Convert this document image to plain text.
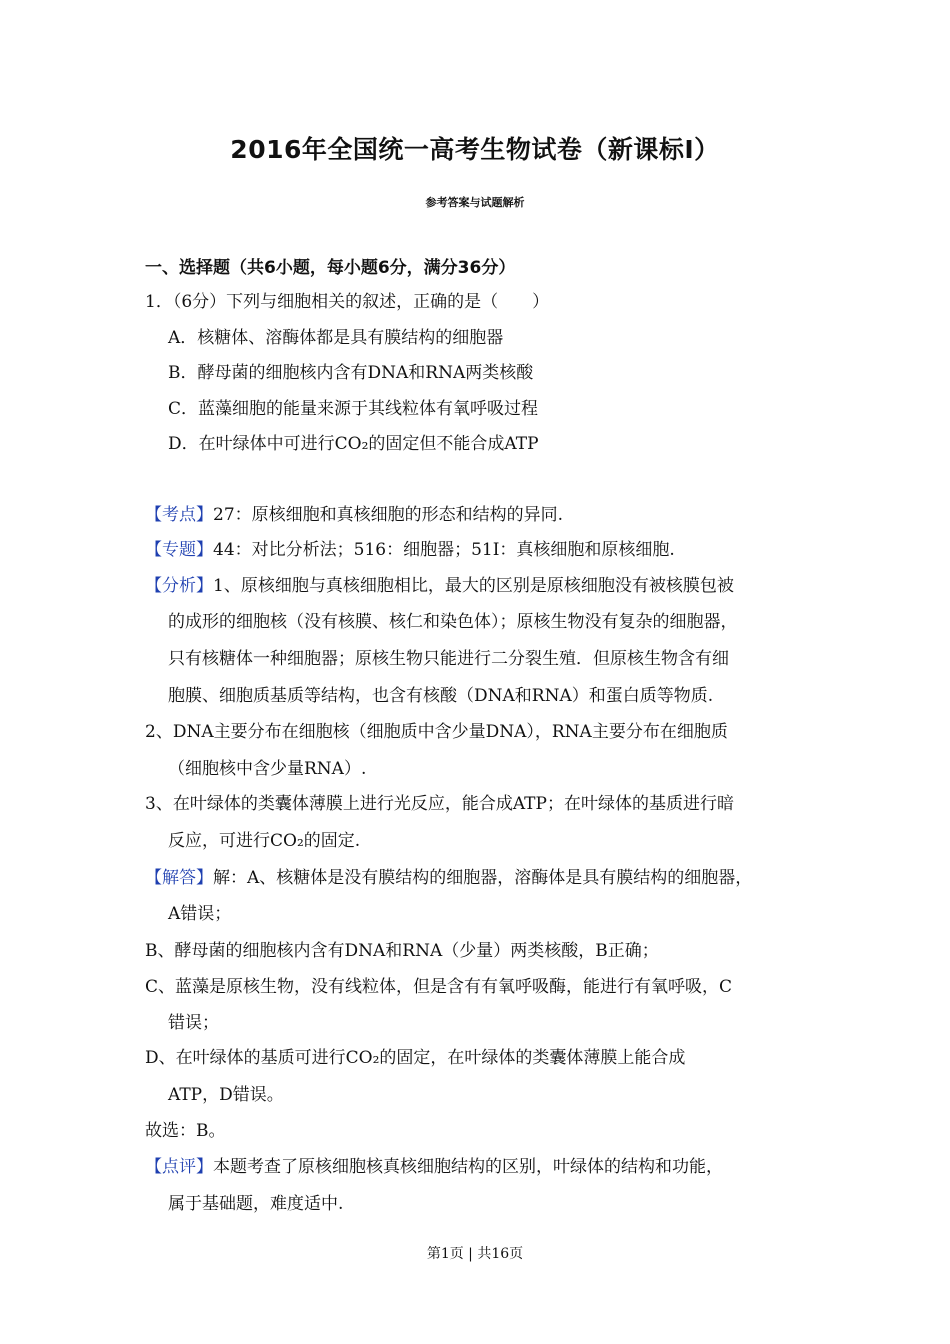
2016年全国统一高考生物试卷（新课标Ⅰ）
参考答案与试题解析
一、选择题（共6小题，每小题6分，满分36分）
1．（6分）下列与细胞相关的叙述，正确的是（　　）
A．核糖体、溶酶体都是具有膜结构的细胞器
B．酵母菌的细胞核内含有DNA和RNA两类核酸
C．蓝藻细胞的能量来源于其线粒体有氧呼吸过程
D．在叶绿体中可进行CO₂的固定但不能合成ATP
【考点】27：原核细胞和真核细胞的形态和结构的异同.
【专题】44：对比分析法；516：细胞器；51I：真核细胞和原核细胞.
【分析】1、原核细胞与真核细胞相比，最大的区别是原核细胞没有被核膜包被
的成形的细胞核（没有核膜、核仁和染色体）；原核生物没有复杂的细胞器，
只有核糖体一种细胞器；原核生物只能进行二分裂生殖．但原核生物含有细
胞膜、细胞质基质等结构，也含有核酸（DNA和RNA）和蛋白质等物质.
2、DNA主要分布在细胞核（细胞质中含少量DNA），RNA主要分布在细胞质
（细胞核中含少量RNA）.
3、在叶绿体的类囊体薄膜上进行光反应，能合成ATP；在叶绿体的基质进行暗
反应，可进行CO₂的固定.
【解答】解：A、核糖体是没有膜结构的细胞器，溶酶体是具有膜结构的细胞器，
A错误；
B、酵母菌的细胞核内含有DNA和RNA（少量）两类核酸，B正确；
C、蓝藻是原核生物，没有线粒体，但是含有有氧呼吸酶，能进行有氧呼吸，C
错误；
D、在叶绿体的基质可进行CO₂的固定，在叶绿体的类囊体薄膜上能合成
ATP，D错误。
故选：B。
【点评】本题考查了原核细胞核真核细胞结构的区别，叶绿体的结构和功能，
属于基础题，难度适中.
第1页 | 共16页
